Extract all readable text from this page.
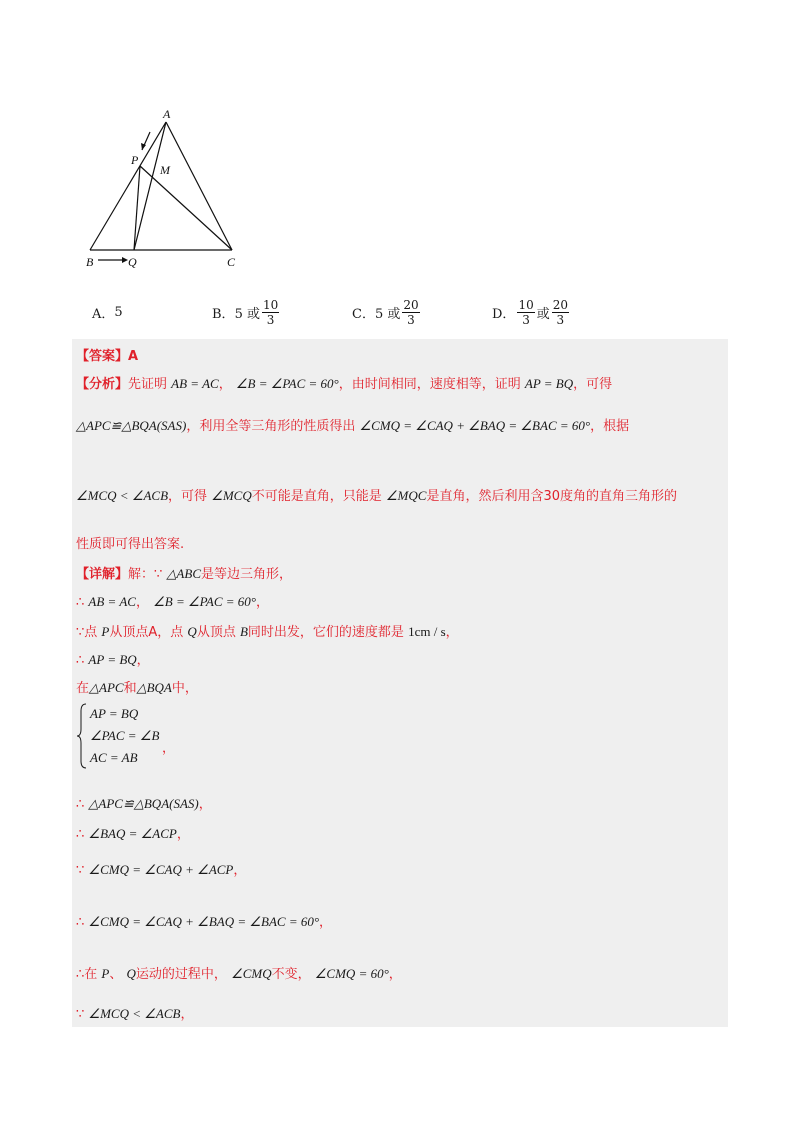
A
P
M
B	Q	C
A． 5	B． 5 或 $\frac{10}{3}$	C． 5 或 $\frac{20}{3}$	D． $\frac{10}{3}$ 或 $\frac{20}{3}$
【答案】A
【分析】先证明 AB = AC， ∠B = ∠PAC = 60°，由时间相同，速度相等，证明 AP = BQ，可得
△APC≌△BQA(SAS)，利用全等三角形的性质得出 ∠CMQ = ∠CAQ + ∠BAQ = ∠BAC = 60°，根据
∠MCQ < ∠ACB，可得 ∠MCQ不可能是直角，只能是 ∠MQC是直角，然后利用含30度角的直角三角形的
性质即可得出答案.
【详解】解：∵ △ABC是等边三角形，
∴ AB = AC， ∠B = ∠PAC = 60°，
∵点 P从顶点A，点 Q从顶点 B同时出发，它们的速度都是 1cm / s，
∴ AP = BQ，
在△APC和△BQA中，
AP = BQ
∠PAC = ∠B
AC = AB
，
∴ △APC≌△BQA(SAS)，
∴ ∠BAQ = ∠ACP，
∵ ∠CMQ = ∠CAQ + ∠ACP，
∴ ∠CMQ = ∠CAQ + ∠BAQ = ∠BAC = 60°，
∴在 P、 Q运动的过程中， ∠CMQ不变， ∠CMQ = 60°，
∵ ∠MCQ < ∠ACB，
